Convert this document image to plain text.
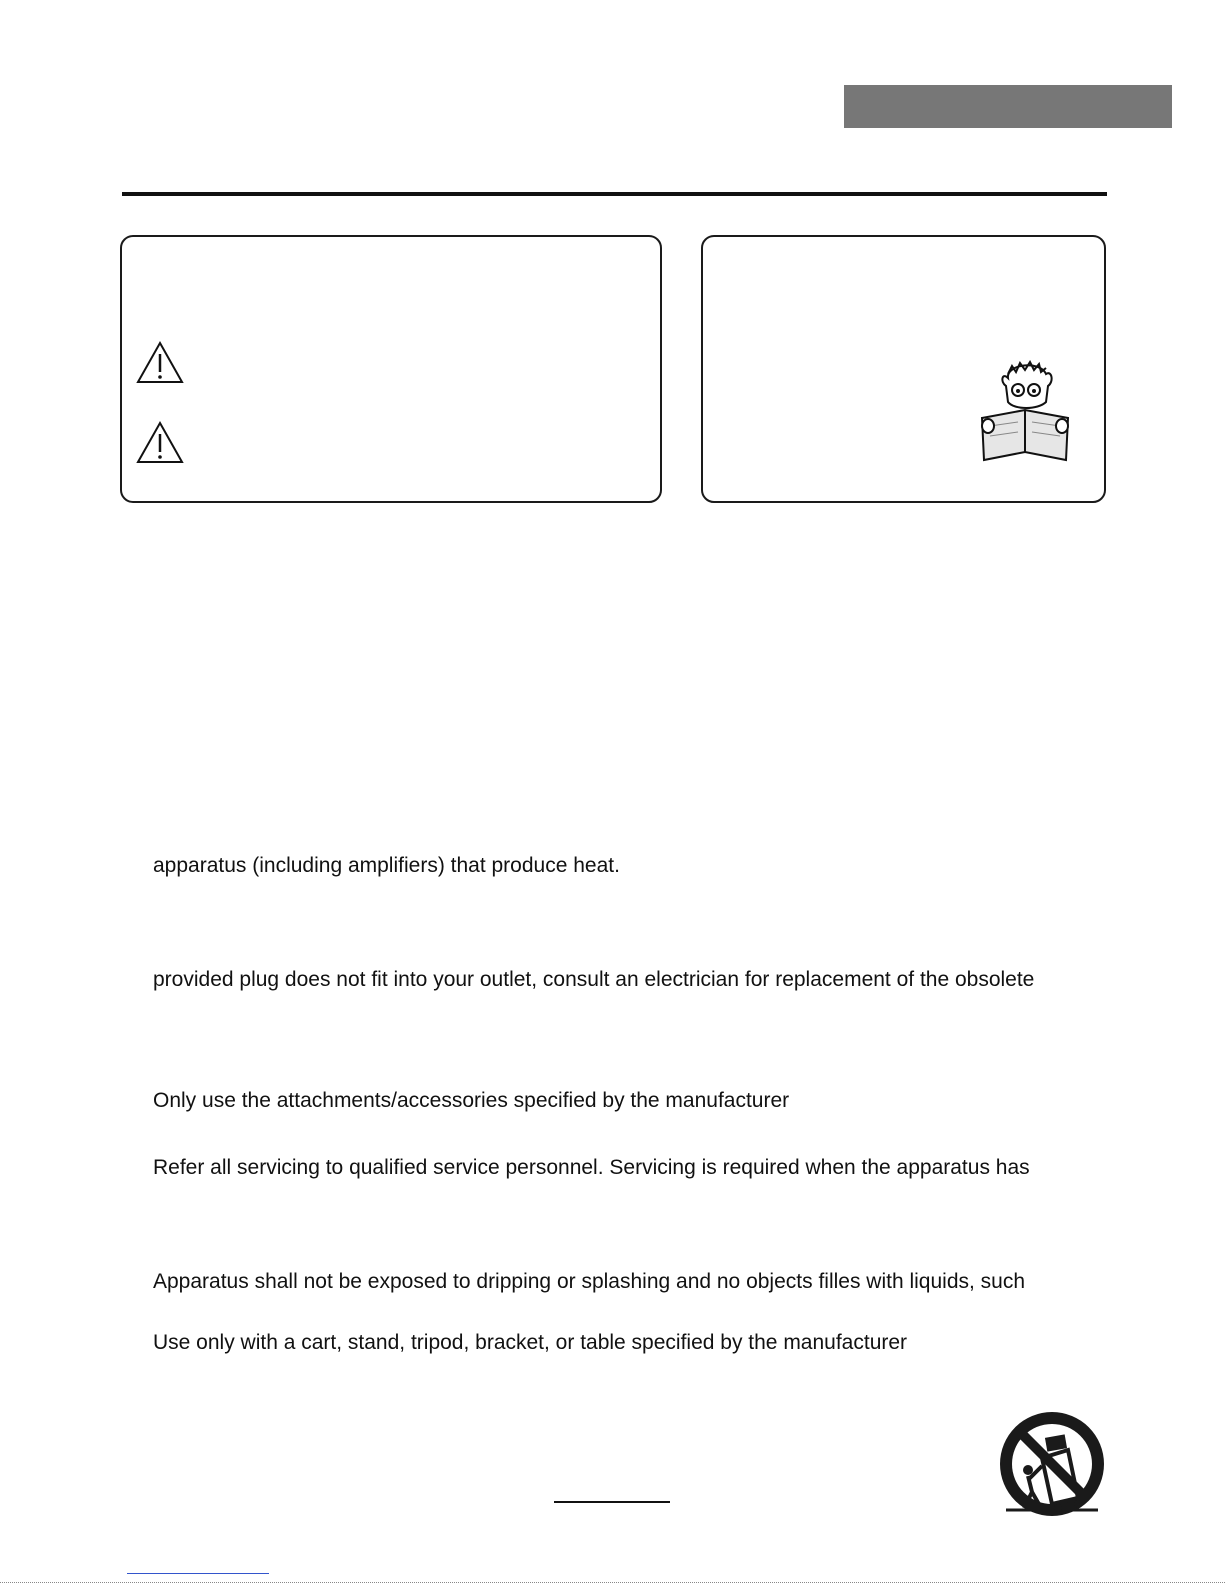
apparatus (including amplifiers) that produce heat.
provided plug does not fit into your outlet, consult an electrician for replacement of the obsolete
Only use the attachments/accessories specified by the manufacturer
Refer all servicing to qualified service personnel. Servicing is required when the apparatus has
Apparatus shall not be exposed to dripping or splashing and no objects filles with liquids, such
Use only with a cart, stand, tripod, bracket, or table specified by the manufacturer
